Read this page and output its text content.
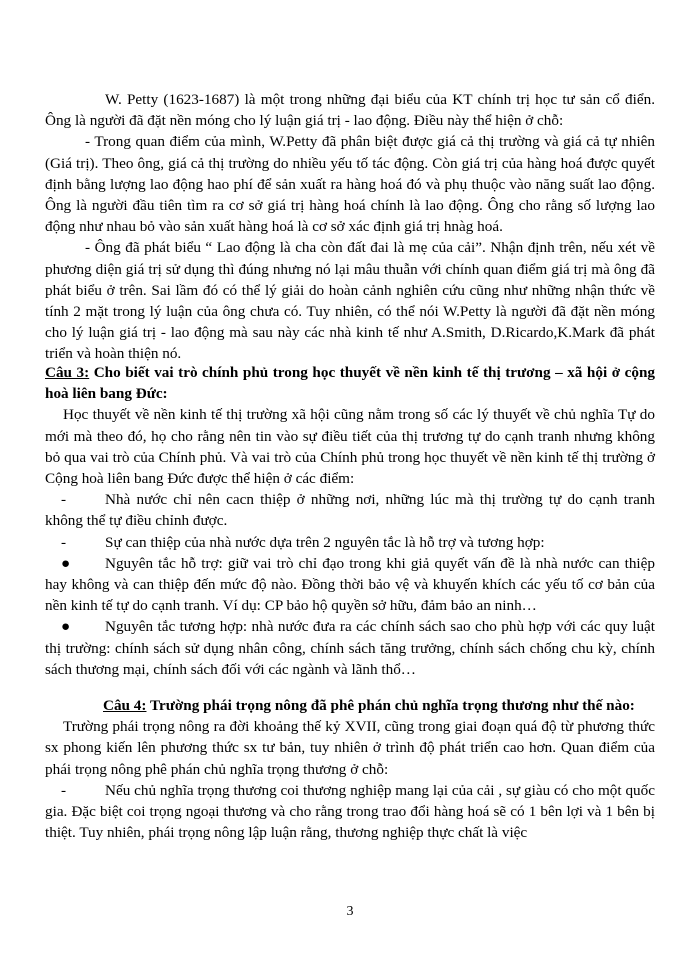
W. Petty (1623-1687) là một trong những đại biểu của KT chính trị học tư sản cổ điển. Ông là người đã đặt nền móng cho lý luận giá trị - lao động. Điều này thể hiện ở chỗ:

- Trong quan điểm của mình, W.Petty đã phân biệt được giá cả thị trường và giá cả tự nhiên (Giá trị). Theo ông, giá cả thị trường do nhiều yếu tố tác động. Còn giá trị của hàng hoá được quyết định bằng lượng lao động hao phí để sản xuất ra hàng hoá đó và phụ thuộc vào năng suất lao động. Ông là người đầu tiên tìm ra cơ sở giá trị hàng hoá chính là lao động. Ông cho rằng số lượng lao động như nhau bỏ vào sản xuất hàng hoá là cơ sở xác định giá trị hnàg hoá.

- Ông đã phát biểu “ Lao động là cha còn đất đai là mẹ của cải”. Nhận định trên, nếu xét về phương diện giá trị sử dụng thì đúng nhưng nó lại mâu thuẫn với chính quan điểm giá trị mà ông đã phát biểu ở trên. Sai lầm đó có thể lý giải do hoàn cảnh nghiên cứu cũng như những nhận thức về tính 2 mặt trong lý luận của ông chưa có. Tuy nhiên, có thể nói W.Petty là người đã đặt nền móng cho lý luận giá trị - lao động mà sau này các nhà kinh tế như A.Smith, D.Ricardo,K.Mark đã phát triển và hoàn thiện nó.

Câu 3: Cho biết vai trò chính phủ trong học thuyết về nền kinh tế thị trương – xã hội ở cộng hoà liên bang Đức:

Học thuyết về nền kinh tế thị trường xã hội cũng nằm trong số các lý thuyết về chủ nghĩa Tự do mới mà theo đó, họ cho rằng nên tin vào sự điều tiết của thị trương tự do cạnh tranh nhưng không bỏ qua vai trò của Chính phủ. Và vai trò của Chính phủ trong học thuyết về nền kinh tế thị trường ở Cộng hoà liên bang Đức được thể hiện ở các điểm:

-	Nhà nước chỉ nên cacn thiệp ở những nơi, những lúc mà thị trường tự do cạnh tranh không thể tự điều chỉnh được.

-	Sự can thiệp của nhà nước dựa trên 2 nguyên tắc là hỗ trợ và tương hợp:

● Nguyên tắc hỗ trợ: giữ vai trò chỉ đạo trong khi giả quyết vấn đề là nhà nước can thiệp hay không và can thiệp đến mức độ nào. Đồng thời bảo vệ và khuyến khích các yếu tố cơ bản của nền kinh tế tự do cạnh tranh. Ví dụ: CP bảo hộ quyền sở hữu, đảm bảo an ninh…

● Nguyên tắc tương hợp: nhà nước đưa ra các chính sách sao cho phù hợp với các quy luật thị trường: chính sách sử dụng nhân công, chính sách tăng trưởng, chính sách chống chu kỳ, chính sách thương mại, chính sách đối với các ngành và lãnh thổ…

Câu 4: Trường phái trọng nông đã phê phán chủ nghĩa trọng thương như thế nào:

Trường phái trọng nông ra đời khoảng thế kỷ XVII, cũng trong giai đoạn quá độ từ phương thức sx phong kiến lên phương thức sx tư bản, tuy nhiên ở trình độ phát triển cao hơn. Quan điểm của phái trọng nông phê phán chủ nghĩa trọng thương ở chỗ:

-	Nếu chủ nghĩa trọng thương coi thương nghiệp mang lại của cải , sự giàu có cho một quốc gia. Đặc biệt coi trọng ngoại thương và cho rằng trong trao đổi hàng hoá sẽ có 1 bên lợi và 1 bên bị thiệt. Tuy nhiên, phái trọng nông lập luận rằng, thương nghiệp thực chất là việc

3
